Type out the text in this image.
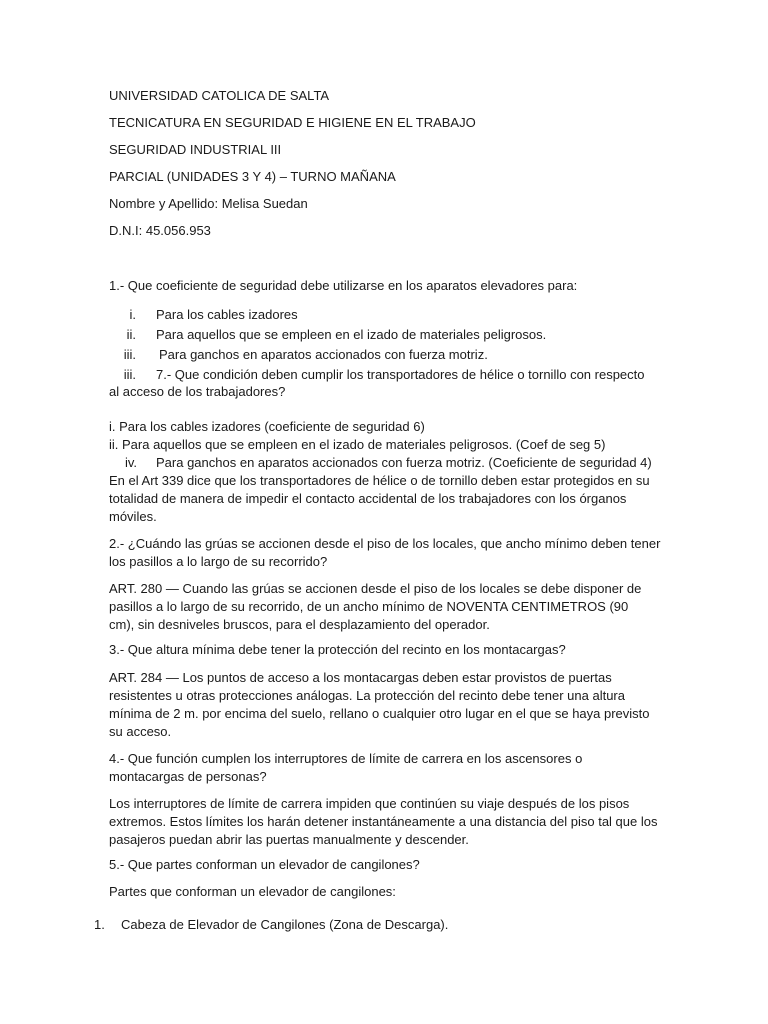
UNIVERSIDAD CATOLICA DE SALTA
TECNICATURA EN SEGURIDAD E HIGIENE EN EL TRABAJO
SEGURIDAD INDUSTRIAL III
PARCIAL (UNIDADES 3 Y 4) – TURNO MAÑANA
Nombre y Apellido: Melisa Suedan
D.N.I: 45.056.953
1.- Que coeficiente de seguridad debe utilizarse en los aparatos elevadores para:
i. Para los cables izadores
ii. Para aquellos que se empleen en el izado de materiales peligrosos.
iii. Para ganchos en aparatos accionados con fuerza motriz.
iii. 7.- Que condición deben cumplir los transportadores de hélice o tornillo con respecto
al acceso de los trabajadores?
i. Para los cables izadores (coeficiente de seguridad 6)
ii. Para aquellos que se empleen en el izado de materiales peligrosos. (Coef de seg 5)
iv. Para ganchos en aparatos accionados con fuerza motriz. (Coeficiente de seguridad 4)
En el Art 339 dice que los transportadores de hélice o de tornillo deben estar protegidos en su totalidad de manera de impedir el contacto accidental de los trabajadores con los órganos móviles.
2.- ¿Cuándo las grúas se accionen desde el piso de los locales, que ancho mínimo deben tener los pasillos a lo largo de su recorrido?
ART. 280 — Cuando las grúas se accionen desde el piso de los locales se debe disponer de pasillos a lo largo de su recorrido, de un ancho mínimo de NOVENTA CENTIMETROS (90 cm), sin desniveles bruscos, para el desplazamiento del operador.
3.- Que altura mínima debe tener la protección del recinto en los montacargas?
ART. 284 — Los puntos de acceso a los montacargas deben estar provistos de puertas resistentes u otras protecciones análogas. La protección del recinto debe tener una altura mínima de 2 m. por encima del suelo, rellano o cualquier otro lugar en el que se haya previsto su acceso.
4.- Que función cumplen los interruptores de límite de carrera en los ascensores o montacargas de personas?
Los interruptores de límite de carrera impiden que continúen su viaje después de los pisos extremos. Estos límites los harán detener instantáneamente a una distancia del piso tal que los pasajeros puedan abrir las puertas manualmente y descender.
5.- Que partes conforman un elevador de cangilones?
Partes que conforman un elevador de cangilones:
1. Cabeza de Elevador de Cangilones (Zona de Descarga).
